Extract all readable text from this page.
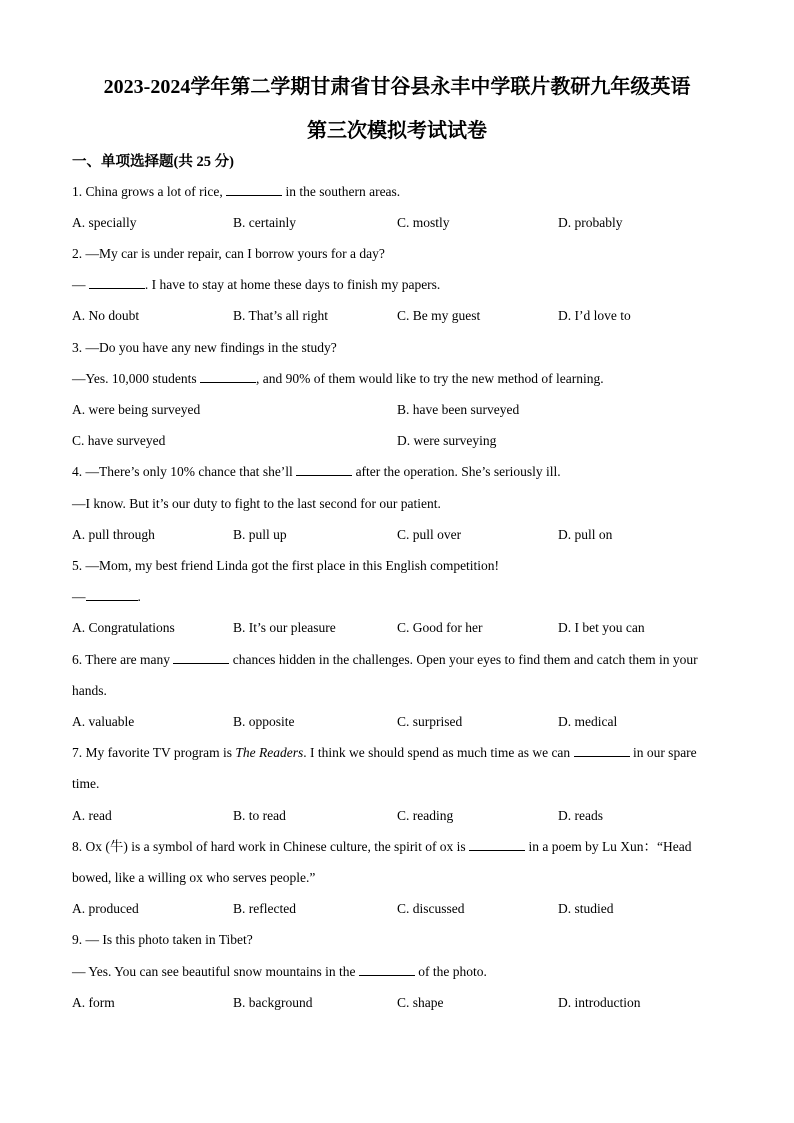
2023-2024学年第二学期甘肃省甘谷县永丰中学联片教研九年级英语
第三次模拟考试试卷
一、单项选择题(共 25 分)
1. China grows a lot of rice,	in the southern areas.
A. specially	B. certainly	C. mostly	D. probably
2. —My car is under repair, can I borrow yours for a day?
—	. I have to stay at home these days to finish my papers.
A. No doubt	B. That’s all right	C. Be my guest	D. I’d love to
3. —Do you have any new findings in the study?
—Yes. 10,000 students	, and 90% of them would like to try the new method of learning.
A. were being surveyed	B. have been surveyed
C. have surveyed	D. were surveying
4. —There’s only 10% chance that she’ll	after the operation. She’s seriously ill.
—I know. But it’s our duty to fight to the last second for our patient.
A. pull through	B. pull up	C. pull over	D. pull on
5. —Mom, my best friend Linda got the first place in this English competition!
—	.
A. Congratulations	B. It’s our pleasure	C. Good for her	D. I bet you can
6. There are many	chances hidden in the challenges. Open your eyes to find them and catch them in your
hands.
A. valuable	B. opposite	C. surprised	D. medical
7. My favorite TV program is The Readers. I think we should spend as much time as we can	in our spare
time.
A. read	B. to read	C. reading	D. reads
8. Ox (牛) is a symbol of hard work in Chinese culture, the spirit of ox is	in a poem by Lu Xun：“Head
bowed, like a willing ox who serves people.”
A. produced	B. reflected	C. discussed	D. studied
9. — Is this photo taken in Tibet?
— Yes. You can see beautiful snow mountains in the	of the photo.
A. form	B. background	C. shape	D. introduction
